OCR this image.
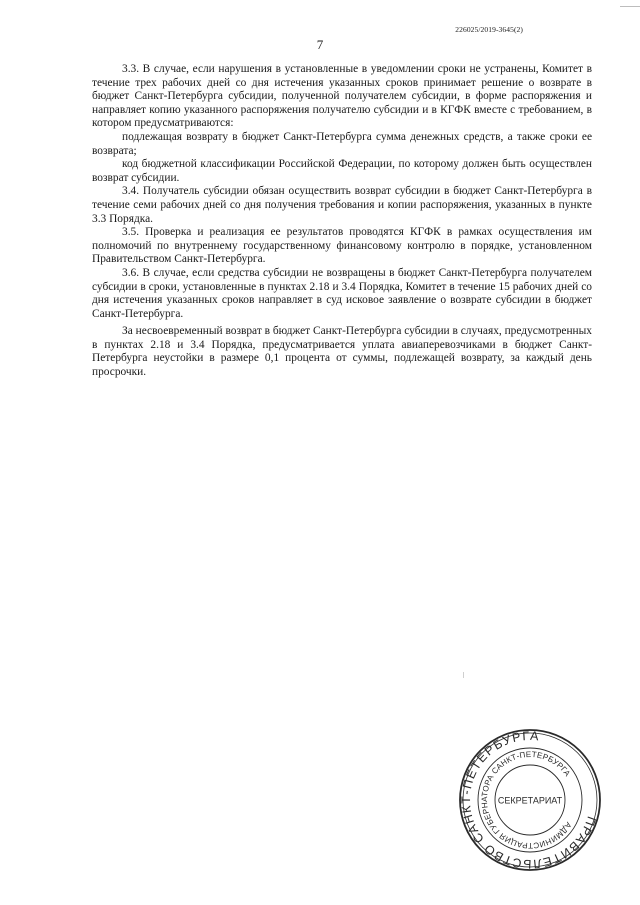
226025/2019-3645(2)
7

3.3. В случае, если нарушения в установленные в уведомлении сроки не устранены, Комитет в течение трех рабочих дней со дня истечения указанных сроков принимает решение о возврате в бюджет Санкт-Петербурга субсидии, полученной получателем субсидии, в форме распоряжения и направляет копию указанного распоряжения получателю субсидии и в КГФК вместе с требованием, в котором предусматриваются:

подлежащая возврату в бюджет Санкт-Петербурга сумма денежных средств, а также сроки ее возврата;

код бюджетной классификации Российской Федерации, по которому должен быть осуществлен возврат субсидии.

3.4. Получатель субсидии обязан осуществить возврат субсидии в бюджет Санкт-Петербурга в течение семи рабочих дней со дня получения требования и копии распоряжения, указанных в пункте 3.3 Порядка.

3.5. Проверка и реализация ее результатов проводятся КГФК в рамках осуществления им полномочий по внутреннему государственному финансовому контролю в порядке, установленном Правительством Санкт-Петербурга.

3.6. В случае, если средства субсидии не возвращены в бюджет Санкт-Петербурга получателем субсидии в сроки, установленные в пунктах 2.18 и 3.4 Порядка, Комитет в течение 15 рабочих дней со дня истечения указанных сроков направляет в суд исковое заявление о возврате субсидии в бюджет Санкт-Петербурга.

За несвоевременный возврат в бюджет Санкт-Петербурга субсидии в случаях, предусмотренных в пунктах 2.18 и 3.4 Порядка, предусматривается уплата авиаперевозчиками в бюджет Санкт-Петербурга неустойки в размере 0,1 процента от суммы, подлежащей возврату, за каждый день просрочки.

ПРАВИТЕЛЬСТВО САНКТ-ПЕТЕРБУРГА
АДМИНИСТРАЦИЯ ГУБЕРНАТОРА САНКТ-ПЕТЕРБУРГА
СЕКРЕТАРИАТ
